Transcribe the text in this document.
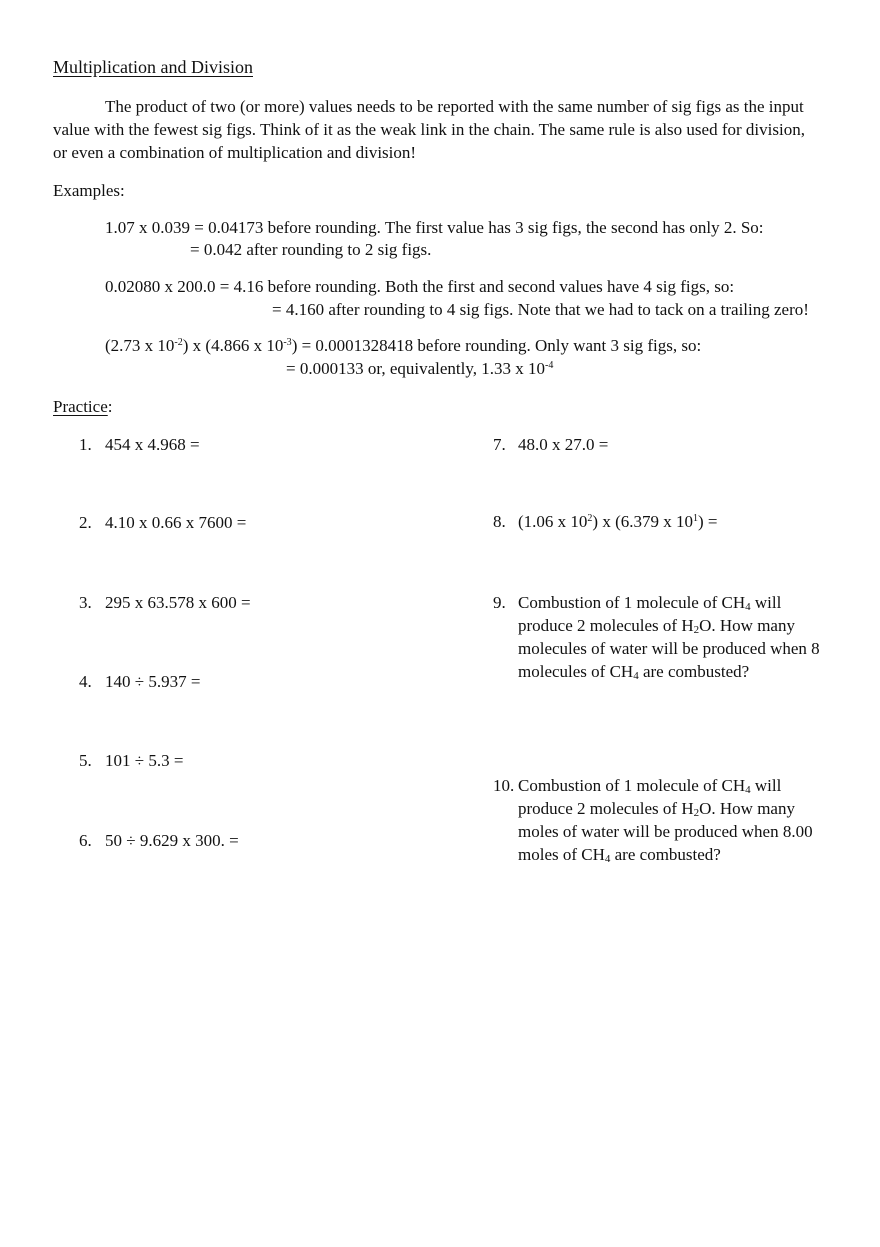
Multiplication and Division
The product of two (or more) values needs to be reported with the same number of sig figs as the input
value with the fewest sig figs. Think of it as the weak link in the chain. The same rule is also used for division,
or even a combination of multiplication and division!
Examples:
1.07 x 0.039 = 0.04173 before rounding. The first value has 3 sig figs, the second has only 2. So:
= 0.042 after rounding to 2 sig figs.
0.02080 x 200.0 = 4.16 before rounding. Both the first and second values have 4 sig figs, so:
= 4.160 after rounding to 4 sig figs. Note that we had to tack on a trailing zero!
(2.73 x $10^{-2}$) x (4.866 x $10^{-3}) = 0.0001328418$ before rounding. Only want 3 sig figs, so:
= 0.000133 or, equivalently, 1.33 x $10^{-4}$
Practice:
1. 454 x 4.968 =
2. 4.10 x 0.66 x 7600 =
3. 295 x 63.578 x 600 =
4. 140 ÷ 5.937 =
5. 101 ÷ 5.3 =
6. 50 ÷ 9.629 x 300. =
7. 48.0 x 27.0 =
8. (1.06 x $10^2$) x (6.379 x $10^1$) =
9. Combustion of 1 molecule of $CH_4$ will
produce 2 molecules of $H_2O$. How many
molecules of water will be produced when 8
molecules of $CH_4$ are combusted?
10. Combustion of 1 molecule of $CH_4$ will
produce 2 molecules of $H_2O$. How many
moles of water will be produced when 8.00
moles of $CH_4$ are combusted?
